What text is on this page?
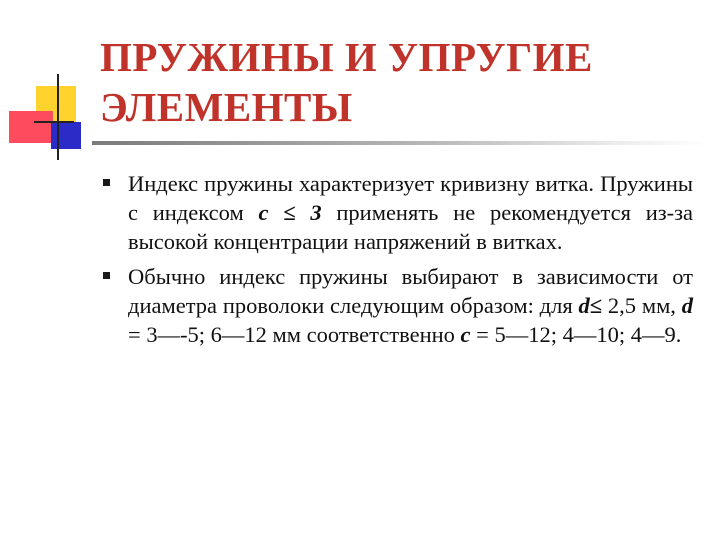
ПРУЖИНЫ И УПРУГИЕ
ЭЛЕМЕНТЫ
Индекс пружины характеризует кривизну витка. Пружины с индексом с ≤ 3 применять не рекомендуется из-за высокой концентрации напряжений в витках.
Обычно индекс пружины выбирают в зависимости от диаметра проволоки следующим образом: для d≤ 2,5 мм, d = 3—-5; 6—12 мм соответственно с = 5—12; 4—10; 4—9.
